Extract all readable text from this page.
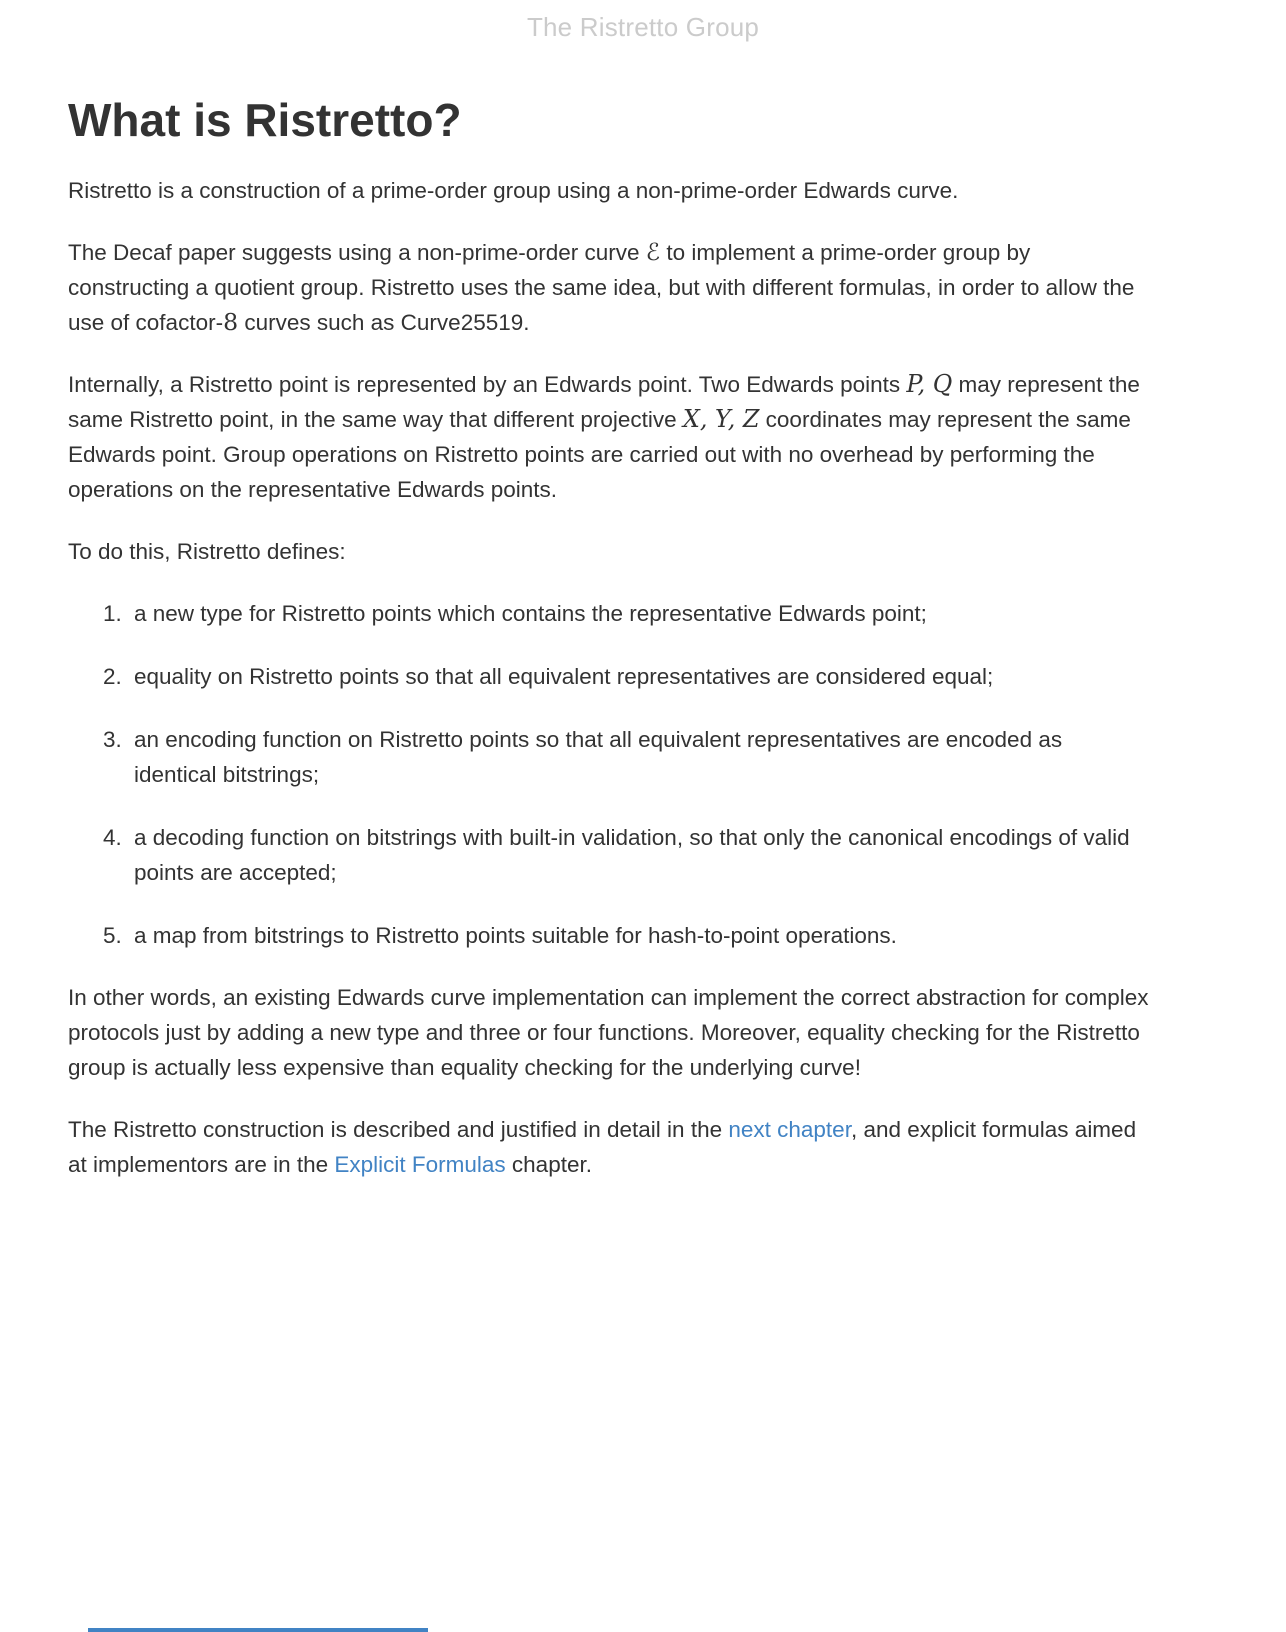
The Ristretto Group
What is Ristretto?

Ristretto is a construction of a prime-order group using a non-prime-order Edwards curve.

The Decaf paper suggests using a non-prime-order curve ℰ to implement a prime-order group by constructing a quotient group. Ristretto uses the same idea, but with different formulas, in order to allow the use of cofactor-8 curves such as Curve25519.

Internally, a Ristretto point is represented by an Edwards point. Two Edwards points P, Q may represent the same Ristretto point, in the same way that different projective X, Y, Z coordinates may represent the same Edwards point. Group operations on Ristretto points are carried out with no overhead by performing the operations on the representative Edwards points.

To do this, Ristretto defines:

1. a new type for Ristretto points which contains the representative Edwards point;
2. equality on Ristretto points so that all equivalent representatives are considered equal;
3. an encoding function on Ristretto points so that all equivalent representatives are encoded as identical bitstrings;
4. a decoding function on bitstrings with built-in validation, so that only the canonical encodings of valid points are accepted;
5. a map from bitstrings to Ristretto points suitable for hash-to-point operations.

In other words, an existing Edwards curve implementation can implement the correct abstraction for complex protocols just by adding a new type and three or four functions. Moreover, equality checking for the Ristretto group is actually less expensive than equality checking for the underlying curve!

The Ristretto construction is described and justified in detail in the next chapter, and explicit formulas aimed at implementors are in the Explicit Formulas chapter.
